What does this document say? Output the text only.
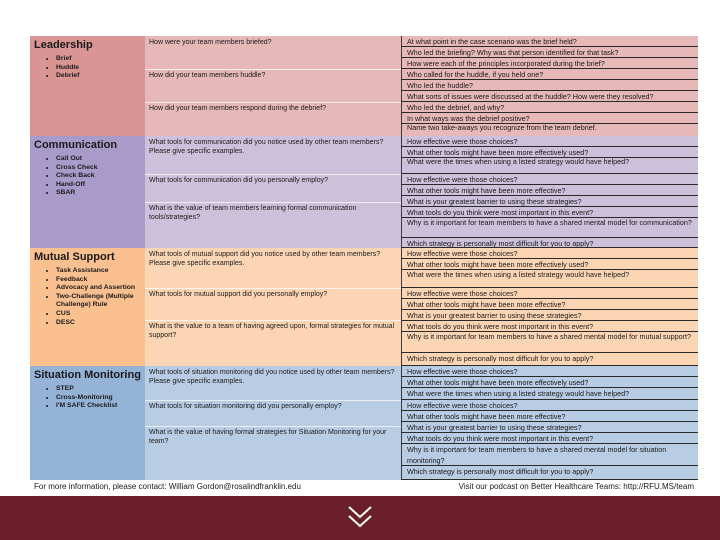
Leadership
• Brief
• Huddle
• Debrief
How were your team members briefed?
How did your team members huddle?
How did your team members respond during the debrief?
At what point in the case scenario was the brief held?
Who led the briefing? Why was that person identified for that task?
How were each of the principles incorporated during the brief?
Who called for the huddle, if you held one?
Who led the huddle?
What sorts of issues were discussed at the huddle? How were they resolved?
Who led the debrief, and why?
In what ways was the debrief positive?
Name two take-aways you recognize from the team debrief.
Communication
• Call Out
• Cross Check
• Check Back
• Hand-Off
• SBAR
What tools for communication did you notice used by other team members? Please give specific examples.
What tools for communication did you personally employ?
What is the value of team members learning formal communication tools/strategies?
How effective were those choices?
What other tools might have been more effectively used?
What were the times when using a listed strategy would have helped?
How effective were those choices?
What other tools might have been more effective?
What is your greatest barrier to using these strategies?
What tools do you think were most important in this event?
Why is it important for team members to have a shared mental model for communication?
Which strategy is personally most difficult for you to apply?
Mutual Support
• Task Assistance
• Feedback
• Advocacy and Assertion
• Two-Challenge (Multiple Challenge) Rule
• CUS
• DESC
What tools of mutual support did you notice used by other team members? Please give specific examples.
What tools for mutual support did you personally employ?
What is the value to a team of having agreed upon, formal strategies for mutual support?
How effective were those choices?
What other tools might have been more effectively used?
What were the times when using a listed strategy would have helped?
How effective were those choices?
What other tools might have been more effective?
What is your greatest barrier to using these strategies?
What tools do you think were most important in this event?
Why is it important for team members to have a shared mental model for mutual support?
Which strategy is personally most difficult for you to apply?
Situation Monitoring
• STEP
• Cross-Monitoring
• I'M SAFE Checklist
What tools of situation monitoring did you notice used by other team members? Please give specific examples.
What tools for situation monitoring did you personally employ?
What is the value of having formal strategies for Situation Monitoring for your team?
How effective were those choices?
What other tools might have been more effectively used?
What were the times when using a listed strategy would have helped?
How effective were those choices?
What other tools might have been more effective?
What is your greatest barrier to using these strategies?
What tools do you think were most important in this event?
Why is it important for team members to have a shared mental model for situation monitoring?
Which strategy is personally most difficult for you to apply?
For more information, please contact: William Gordon@rosalindfranklin.edu	Visit our podcast on Better Healthcare Teams: http://RFU.MS/team
